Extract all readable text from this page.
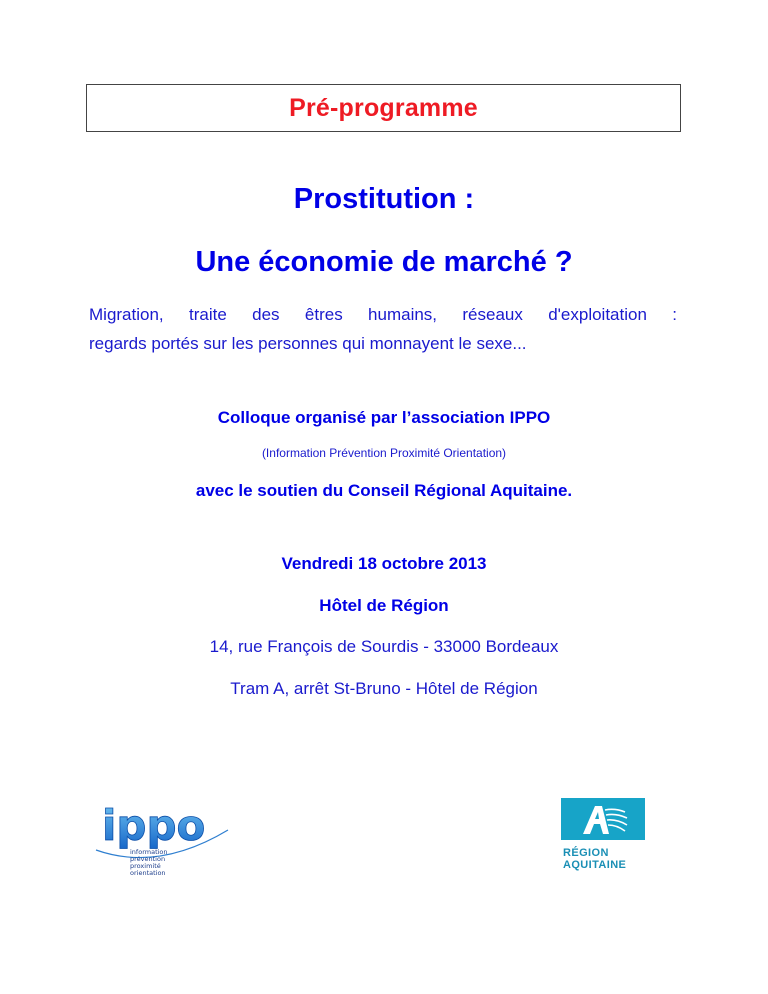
Pré-programme
Prostitution :
Une économie de marché ?
Migration, traite des êtres humains, réseaux d'exploitation :
regards portés sur les personnes qui monnayent le sexe...
Colloque organisé par l’association IPPO
(Information Prévention Proximité Orientation)
avec le soutien du Conseil Régional Aquitaine.
Vendredi 18 octobre 2013
Hôtel de Région
14, rue François de Sourdis - 33000 Bordeaux
Tram A, arrêt St-Bruno - Hôtel de Région
ippo
information
prévention
proximité
orientation
RÉGION
AQUITAINE
